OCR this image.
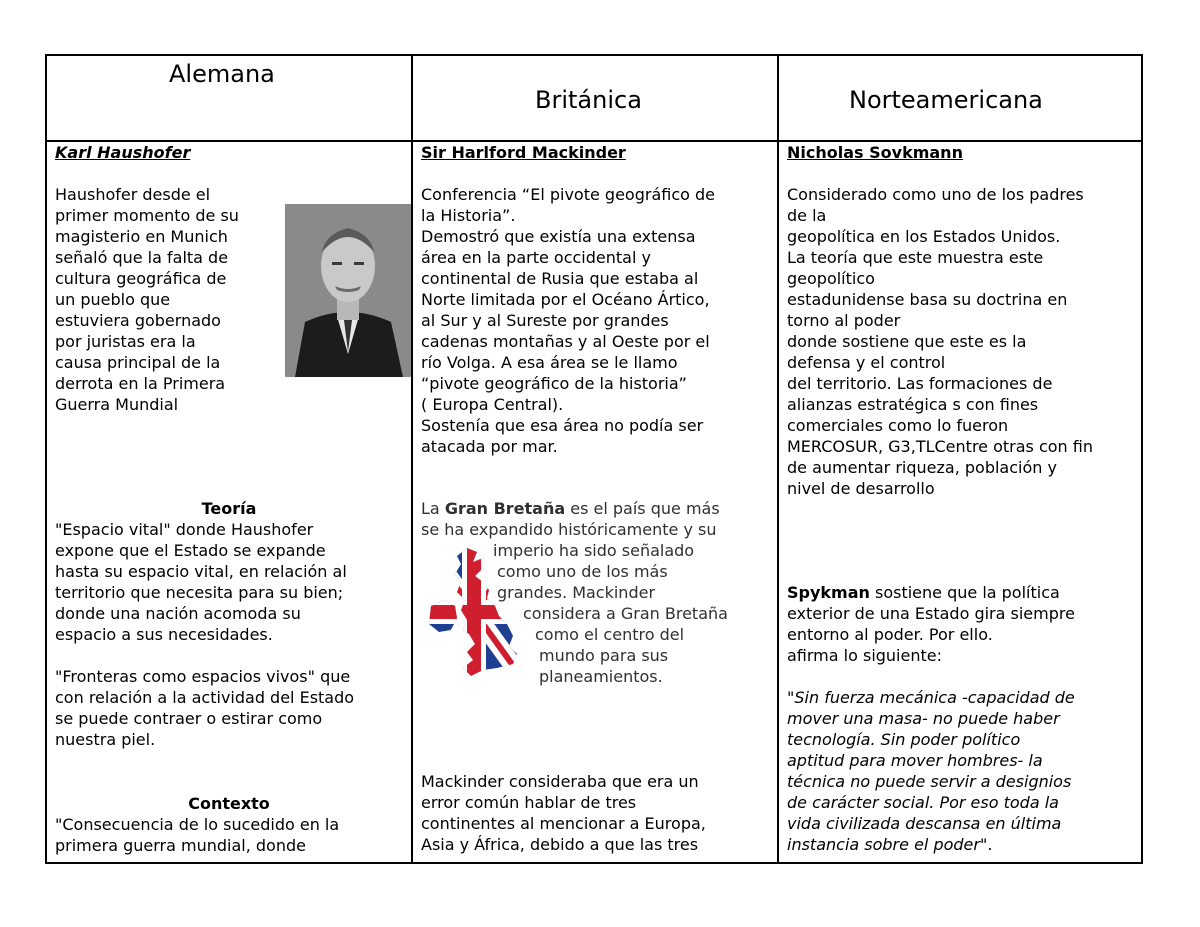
Alemana
Británica	Norteamericana
Karl Haushofer
Haushofer desde el
primer momento de su
magisterio en Munich
señaló que la falta de
cultura geográfica de
un pueblo que
estuviera gobernado
por juristas era la
causa principal de la
derrota en la Primera
Guerra Mundial
Teoría
"Espacio vital" donde Haushofer
expone que el Estado se expande
hasta su espacio vital, en relación al
territorio que necesita para su bien;
donde una nación acomoda su
espacio a sus necesidades.
"Fronteras como espacios vivos" que
con relación a la actividad del Estado
se puede contraer o estirar como
nuestra piel.
Contexto
"Consecuencia de lo sucedido en la
primera guerra mundial, donde
Sir Harlford Mackinder
Conferencia “El pivote geográfico de
la Historia”.
Demostró que existía una extensa
área en la parte occidental y
continental de Rusia que estaba al
Norte limitada por el Océano Ártico,
al Sur y al Sureste por grandes
cadenas montañas y al Oeste por el
río Volga. A esa área se le llamo
“pivote geográfico de la historia”
( Europa Central).
Sostenía que esa área no podía ser
atacada por mar.
La Gran Bretaña es el país que más
se ha expandido históricamente y su
imperio ha sido señalado
como uno de los más
grandes. Mackinder
considera a Gran Bretaña
como el centro del
mundo para sus
planeamientos.
Mackinder consideraba que era un
error común hablar de tres
continentes al mencionar a Europa,
Asia y África, debido a que las tres
Nicholas Sovkmann
Considerado como uno de los padres
de la
geopolítica en los Estados Unidos.
La teoría que este muestra este
geopolítico
estadunidense basa su doctrina en
torno al poder
donde sostiene que este es la
defensa y el control
del territorio. Las formaciones de
alianzas estratégica s con fines
comerciales como lo fueron
MERCOSUR, G3,TLCentre otras con fin
de aumentar riqueza, población y
nivel de desarrollo
Spykman sostiene que la política
exterior de una Estado gira siempre
entorno al poder. Por ello.
afirma lo siguiente:
"Sin fuerza mecánica -capacidad de
mover una masa- no puede haber
tecnología. Sin poder político
aptitud para mover hombres- la
técnica no puede servir a designios
de carácter social. Por eso toda la
vida civilizada descansa en última
instancia sobre el poder".
